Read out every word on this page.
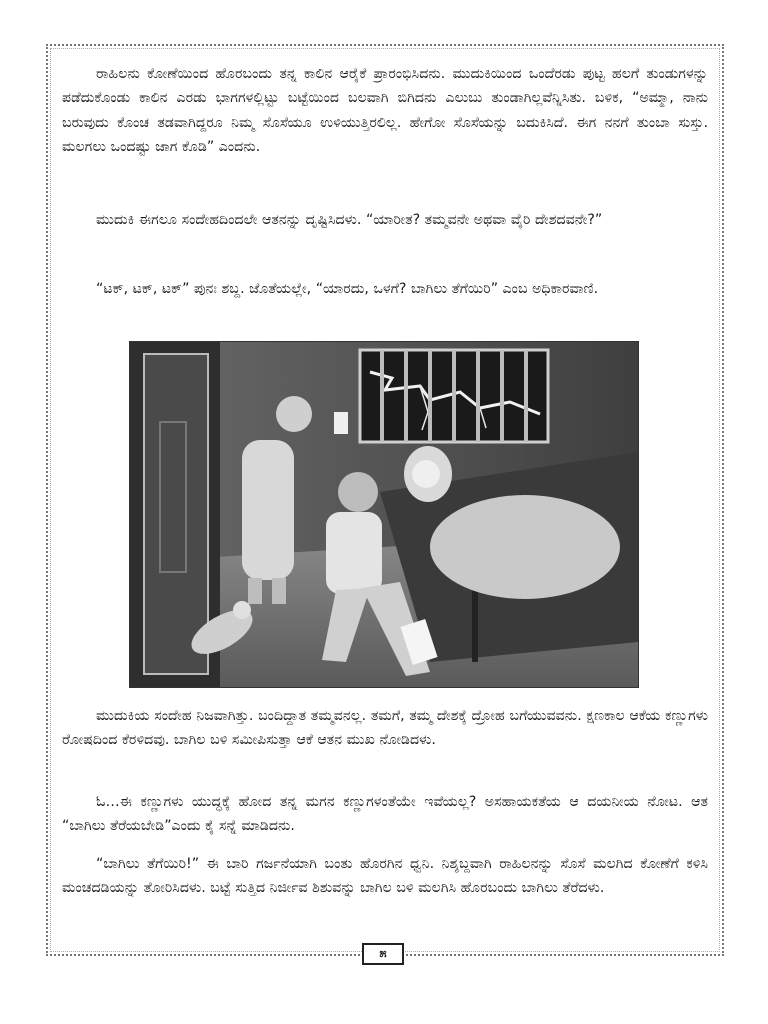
ರಾಹಿಲನು ಕೋಣೆಯಿಂದ ಹೊರಬಂದು ತನ್ನ ಕಾಲಿನ ಆರೈಕೆ ಪ್ರಾರಂಭಿಸಿದನು. ಮುದುಕಿಯಿಂದ ಒಂದೆರಡು ಪುಟ್ಟ ಹಲಗೆ ತುಂಡುಗಳನ್ನು ಪಡೆದುಕೊಂಡು ಕಾಲಿನ ಎರಡು ಭಾಗಗಳಲ್ಲಿಟ್ಟು ಬಟ್ಟೆಯಿಂದ ಬಲವಾಗಿ ಬಿಗಿದನು ಎಲುಬು ತುಂಡಾಗಿಲ್ಲವೆನ್ನಿಸಿತು. ಬಳಿಕ, “ಅಮ್ಮಾ, ನಾನು ಬರುವುದು ಕೊಂಚ ತಡವಾಗಿದ್ದರೂ ನಿಮ್ಮ ಸೊಸೆಯೂ ಉಳಿಯುತ್ತಿರಲಿಲ್ಲ. ಹೇಗೋ ಸೊಸೆಯನ್ನು ಬದುಕಿಸಿದೆ. ಈಗ ನನಗೆ ತುಂಬಾ ಸುಸ್ತು. ಮಲಗಲು ಒಂದಷ್ಟು ಜಾಗ ಕೊಡಿ” ಎಂದನು.

ಮುದುಕಿ ಈಗಲೂ ಸಂದೇಹದಿಂದಲೇ ಆತನನ್ನು ದೃಷ್ಟಿಸಿದಳು. “ಯಾರೀತ? ತಮ್ಮವನೇ ಅಥವಾ ವೈರಿ ದೇಶದವನೇ?”

“ಟಕ್, ಟಕ್, ಟಕ್” ಪುನಃ ಶಬ್ದ. ಜೊತೆಯಲ್ಲೇ, “ಯಾರದು, ಒಳಗೆ? ಬಾಗಿಲು ತೆಗೆಯಿರಿ” ಎಂಬ ಅಧಿಕಾರವಾಣಿ.

ಮುದುಕಿಯ ಸಂದೇಹ ನಿಜವಾಗಿತ್ತು. ಬಂದಿದ್ದಾತ ತಮ್ಮವನಲ್ಲ. ತಮಗೆ, ತಮ್ಮ ದೇಶಕ್ಕೆ ದ್ರೋಹ ಬಗೆಯುವವನು. ಕ್ಷಣಕಾಲ ಆಕೆಯ ಕಣ್ಣುಗಳು ರೋಷದಿಂದ ಕೆರಳಿದವು. ಬಾಗಿಲ ಬಳಿ ಸಮೀಪಿಸುತ್ತಾ ಆಕೆ ಆತನ ಮುಖ ನೋಡಿದಳು.

ಓ…ಈ ಕಣ್ಣುಗಳು ಯುದ್ಧಕ್ಕೆ ಹೋದ ತನ್ನ ಮಗನ ಕಣ್ಣುಗಳಂತೆಯೇ ಇವೆಯಲ್ಲ? ಅಸಹಾಯಕತೆಯ ಆ ದಯನೀಯ ನೋಟ. ಆತ “ಬಾಗಿಲು ತೆರೆಯಬೇಡಿ”ಎಂದು ಕೈ ಸನ್ನೆ ಮಾಡಿದನು.

“ಬಾಗಿಲು ತೆಗೆಯಿರಿ!” ಈ ಬಾರಿ ಗರ್ಜನೆಯಾಗಿ ಬಂತು ಹೊರಗಿನ ಧ್ವನಿ. ನಿಶ್ಶಬ್ದವಾಗಿ ರಾಹಿಲನನ್ನು ಸೊಸೆ ಮಲಗಿದ ಕೋಣೆಗೆ ಕಳಿಸಿ ಮಂಚದಡಿಯನ್ನು ತೋರಿಸಿದಳು. ಬಟ್ಟೆ ಸುತ್ತಿದ ನಿರ್ಜೀವ ಶಿಶುವನ್ನು ಬಾಗಿಲ ಬಳಿ ಮಲಗಿಸಿ ಹೊರಬಂದು ಬಾಗಿಲು ತೆರೆದಳು.

೫
